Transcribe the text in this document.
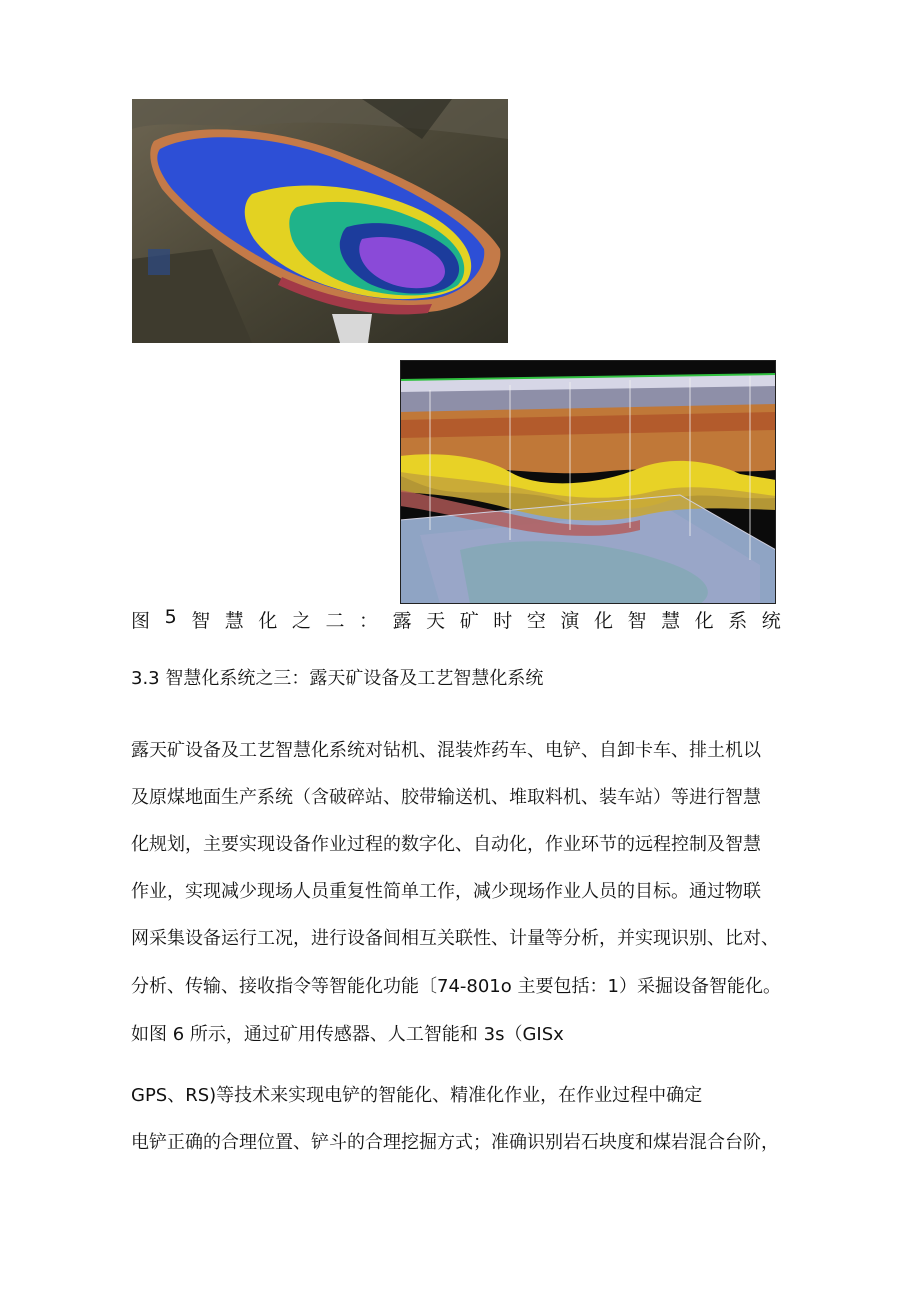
图 5 智 慧 化 之 二 ： 露 天 矿 时 空 演 化 智 慧 化 系 统
3.3 智慧化系统之三：露天矿设备及工艺智慧化系统
露天矿设备及工艺智慧化系统对钻机、混装炸药车、电铲、自卸卡车、排土机以
及原煤地面生产系统（含破碎站、胶带输送机、堆取料机、装车站）等进行智慧
化规划，主要实现设备作业过程的数字化、自动化，作业环节的远程控制及智慧
作业，实现减少现场人员重复性简单工作，减少现场作业人员的目标。通过物联
网采集设备运行工况，进行设备间相互关联性、计量等分析，并实现识别、比对、
分析、传输、接收指令等智能化功能〔74-801o 主要包括：1）采掘设备智能化。
如图 6 所示，通过矿用传感器、人工智能和 3s（GISx
GPS、RS)等技术来实现电铲的智能化、精准化作业，在作业过程中确定
电铲正确的合理位置、铲斗的合理挖掘方式；准确识别岩石块度和煤岩混合台阶，
